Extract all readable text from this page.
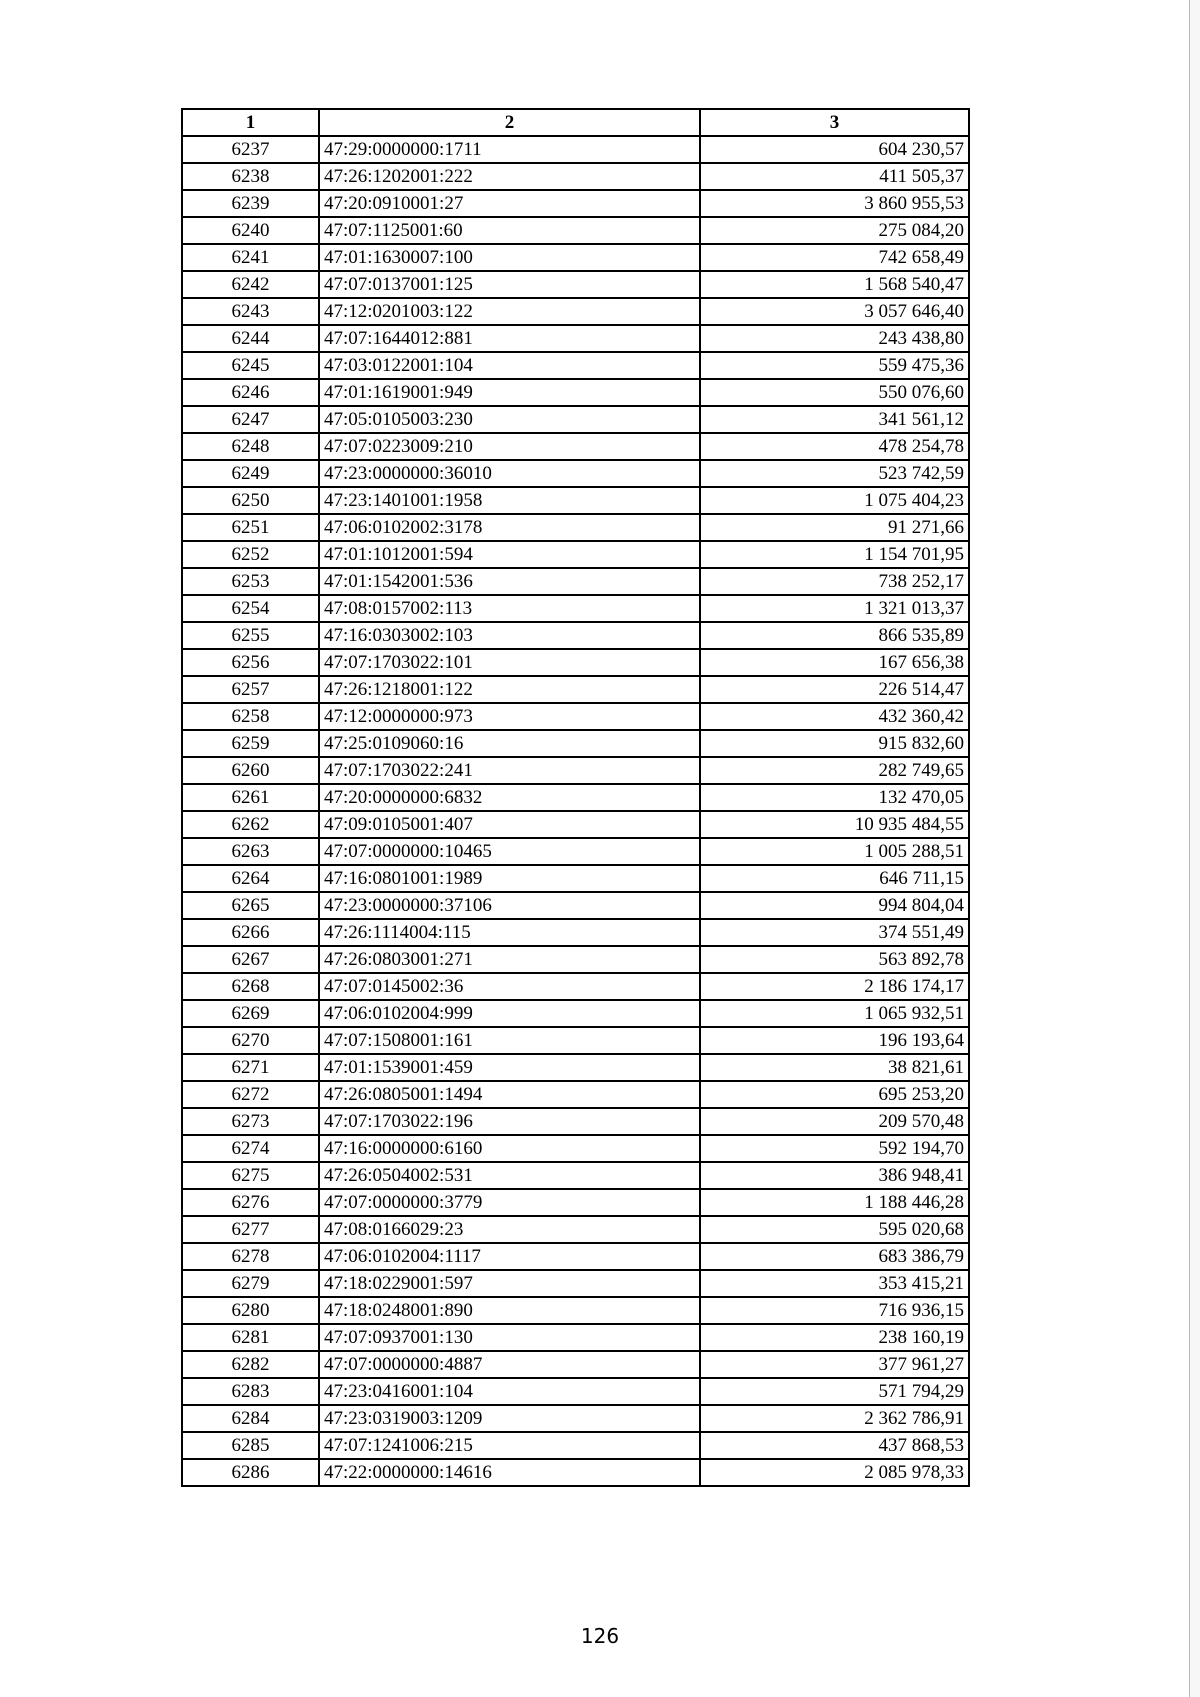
1	2	3
6237	47:29:0000000:1711	604 230,57
6238	47:26:1202001:222	411 505,37
6239	47:20:0910001:27	3 860 955,53
6240	47:07:1125001:60	275 084,20
6241	47:01:1630007:100	742 658,49
6242	47:07:0137001:125	1 568 540,47
6243	47:12:0201003:122	3 057 646,40
6244	47:07:1644012:881	243 438,80
6245	47:03:0122001:104	559 475,36
6246	47:01:1619001:949	550 076,60
6247	47:05:0105003:230	341 561,12
6248	47:07:0223009:210	478 254,78
6249	47:23:0000000:36010	523 742,59
6250	47:23:1401001:1958	1 075 404,23
6251	47:06:0102002:3178	91 271,66
6252	47:01:1012001:594	1 154 701,95
6253	47:01:1542001:536	738 252,17
6254	47:08:0157002:113	1 321 013,37
6255	47:16:0303002:103	866 535,89
6256	47:07:1703022:101	167 656,38
6257	47:26:1218001:122	226 514,47
6258	47:12:0000000:973	432 360,42
6259	47:25:0109060:16	915 832,60
6260	47:07:1703022:241	282 749,65
6261	47:20:0000000:6832	132 470,05
6262	47:09:0105001:407	10 935 484,55
6263	47:07:0000000:10465	1 005 288,51
6264	47:16:0801001:1989	646 711,15
6265	47:23:0000000:37106	994 804,04
6266	47:26:1114004:115	374 551,49
6267	47:26:0803001:271	563 892,78
6268	47:07:0145002:36	2 186 174,17
6269	47:06:0102004:999	1 065 932,51
6270	47:07:1508001:161	196 193,64
6271	47:01:1539001:459	38 821,61
6272	47:26:0805001:1494	695 253,20
6273	47:07:1703022:196	209 570,48
6274	47:16:0000000:6160	592 194,70
6275	47:26:0504002:531	386 948,41
6276	47:07:0000000:3779	1 188 446,28
6277	47:08:0166029:23	595 020,68
6278	47:06:0102004:1117	683 386,79
6279	47:18:0229001:597	353 415,21
6280	47:18:0248001:890	716 936,15
6281	47:07:0937001:130	238 160,19
6282	47:07:0000000:4887	377 961,27
6283	47:23:0416001:104	571 794,29
6284	47:23:0319003:1209	2 362 786,91
6285	47:07:1241006:215	437 868,53
6286	47:22:0000000:14616	2 085 978,33
126
